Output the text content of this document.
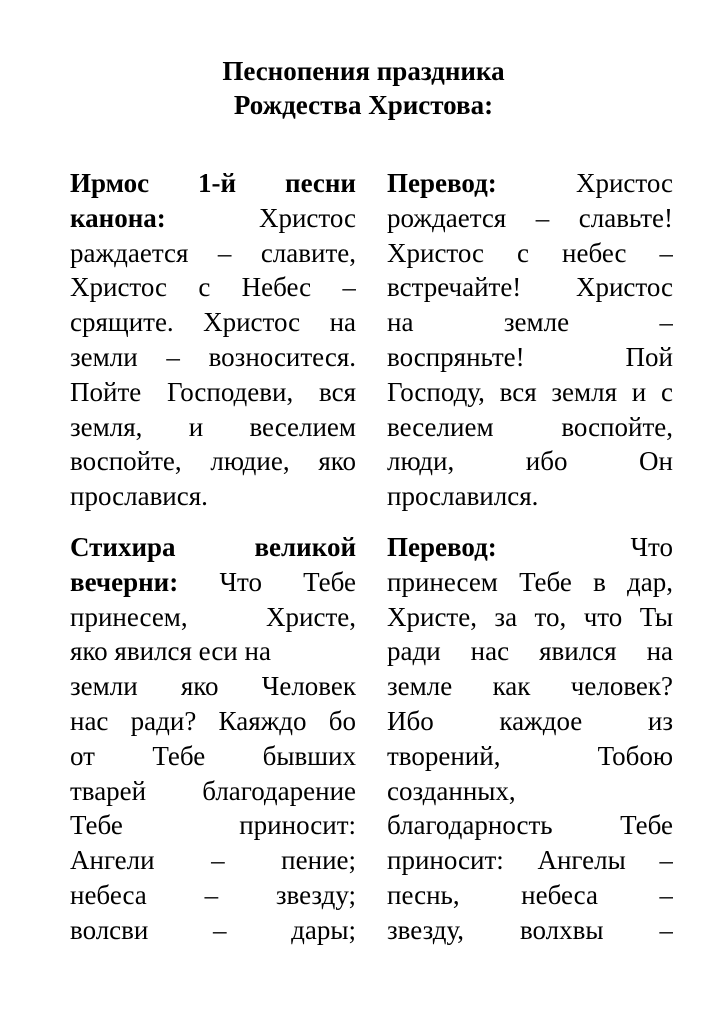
Песнопения праздника
Рождества Христова:
Ирмос 1-й песни
канона: Христос
раждается – славите,
Христос с Небес –
срящите. Христос на
земли – возноситеся.
Пойте Господеви, вся
земля, и веселием
воспойте, людие, яко
прославися.
Перевод: Христос
рождается – славьте!
Христос с небес –
встречайте! Христос
на земле –
воспряньте! Пой
Господу, вся земля и с
веселием воспойте,
люди, ибо Он
прославился.
Стихира великой
вечерни: Что Тебе
принесем, Христе,
яко явился еси на
земли яко Человек
нас ради? Каяждо бо
от Тебе бывших
тварей благодарение
Тебе приносит:
Ангели – пение;
небеса – звезду;
волсви – дары;
Перевод: Что
принесем Тебе в дар,
Христе, за то, что Ты
ради нас явился на
земле как человек?
Ибо каждое из
творений, Тобою
созданных,
благодарность Тебе
приносит: Ангелы –
песнь, небеса –
звезду, волхвы –
